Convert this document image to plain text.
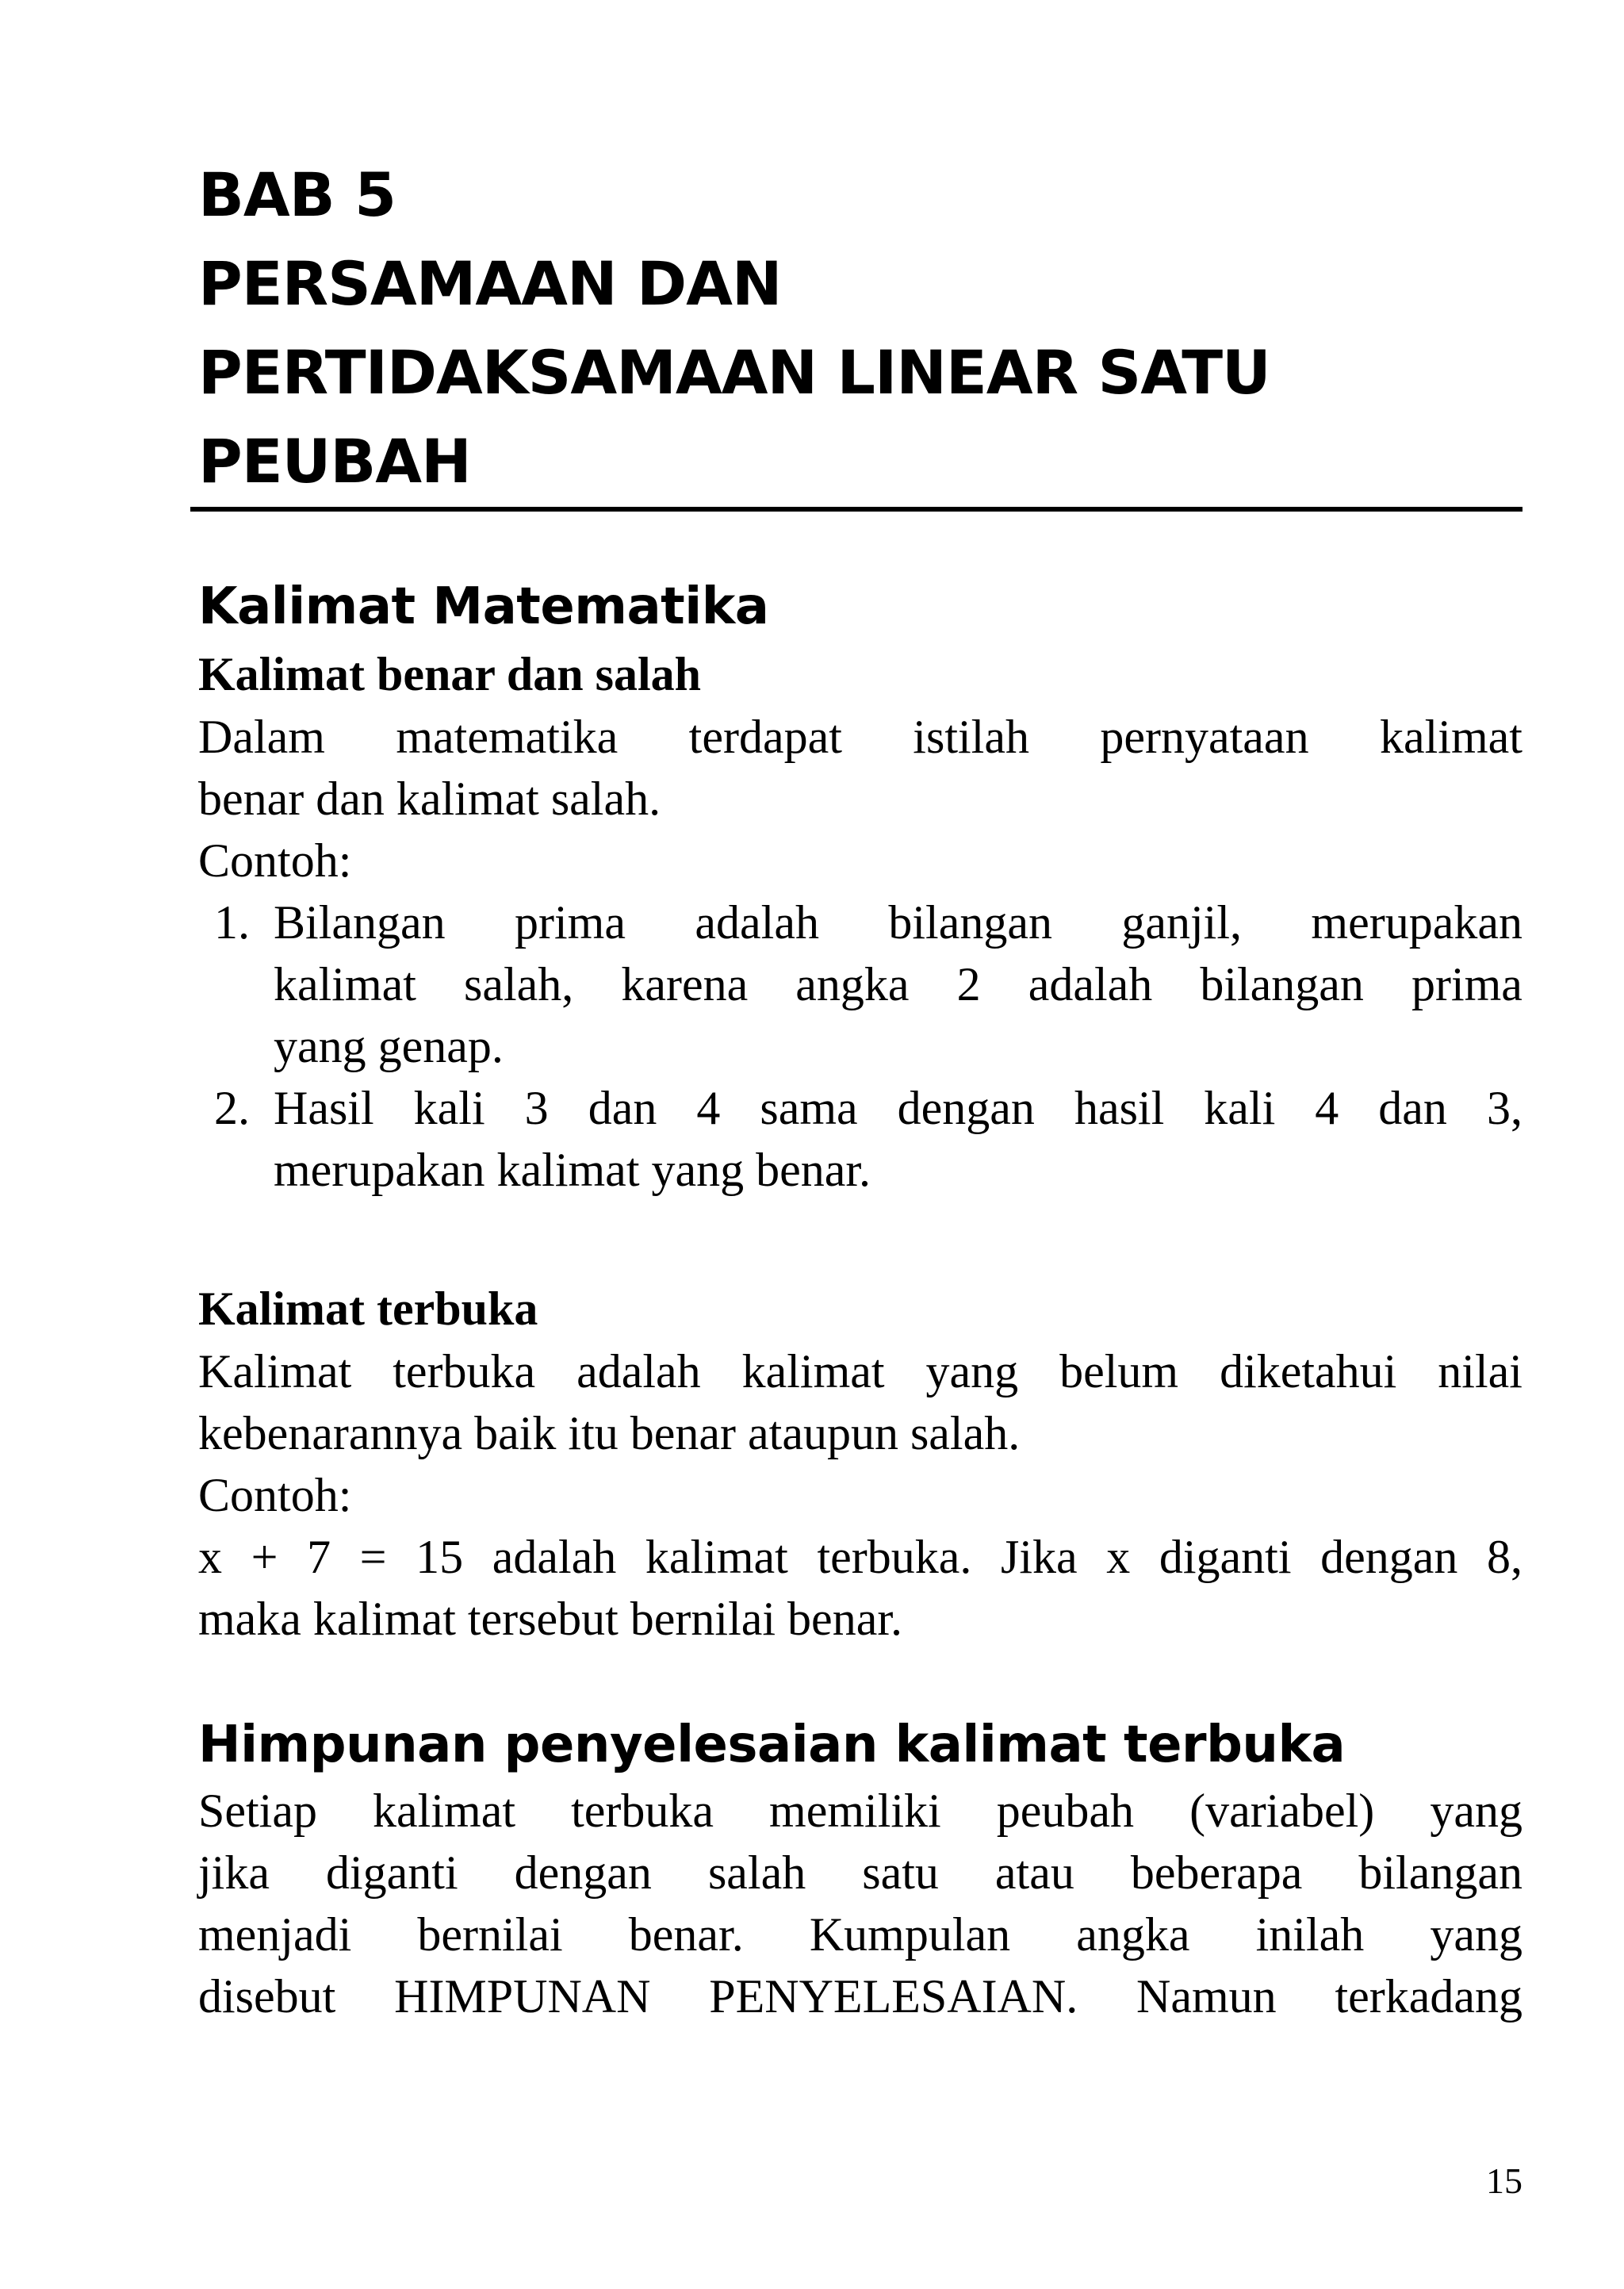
BAB 5
PERSAMAAN DAN
PERTIDAKSAMAAN LINEAR SATU
PEUBAH
Kalimat Matematika
Kalimat benar dan salah
Dalam matematika terdapat istilah pernyataan kalimat
benar dan kalimat salah.
Contoh:
1. Bilangan prima adalah bilangan ganjil, merupakan
kalimat salah, karena angka 2 adalah bilangan prima
yang genap.
2. Hasil kali 3 dan 4 sama dengan hasil kali 4 dan 3,
merupakan kalimat yang benar.
Kalimat terbuka
Kalimat terbuka adalah kalimat yang belum diketahui nilai
kebenarannya baik itu benar ataupun salah.
Contoh:
x + 7 = 15 adalah kalimat terbuka. Jika x diganti dengan 8,
maka kalimat tersebut bernilai benar.
Himpunan penyelesaian kalimat terbuka
Setiap kalimat terbuka memiliki peubah (variabel) yang
jika diganti dengan salah satu atau beberapa bilangan
menjadi bernilai benar. Kumpulan angka inilah yang
disebut HIMPUNAN PENYELESAIAN. Namun terkadang
15
